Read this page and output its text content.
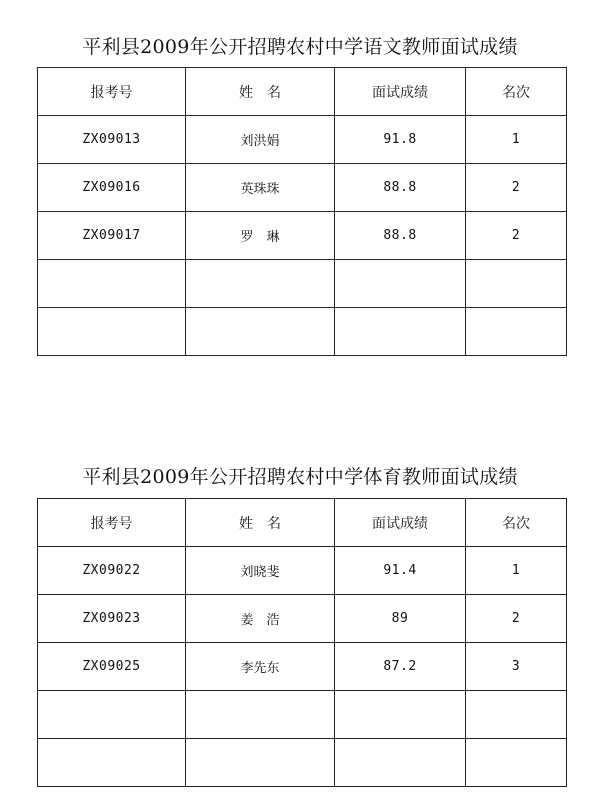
平利县2009年公开招聘农村中学语文教师面试成绩
报考号	姓　名	面试成绩	名次
ZX09013	刘洪娟	91.8	1
ZX09016	英珠珠	88.8	2
ZX09017	罗　琳	88.8	2

平利县2009年公开招聘农村中学体育教师面试成绩
报考号	姓　名	面试成绩	名次
ZX09022	刘晓斐	91.4	1
ZX09023	姜　浩	89	2
ZX09025	李先东	87.2	3
